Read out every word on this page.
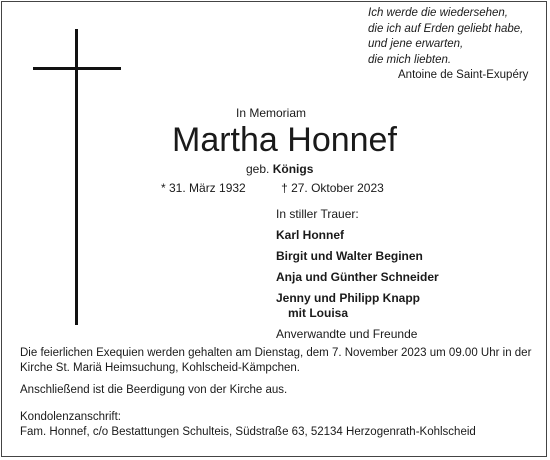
Ich werde die wiedersehen,
die ich auf Erden geliebt habe,
und jene erwarten,
die mich liebten.
Antoine de Saint-Exupéry
In Memoriam
Martha Honnef
geb. Königs
* 31. März 1932	† 27. Oktober 2023
In stiller Trauer:
Karl Honnef
Birgit und Walter Beginen
Anja und Günther Schneider
Jenny und Philipp Knapp
mit Louisa
Anverwandte und Freunde
Die feierlichen Exequien werden gehalten am Dienstag, dem 7. November 2023 um 09.00 Uhr in der Kirche St. Mariä Heimsuchung, Kohlscheid-Kämpchen.
Anschließend ist die Beerdigung von der Kirche aus.
Kondolenzanschrift:
Fam. Honnef, c/o Bestattungen Schulteis, Südstraße 63, 52134 Herzogenrath-Kohlscheid
